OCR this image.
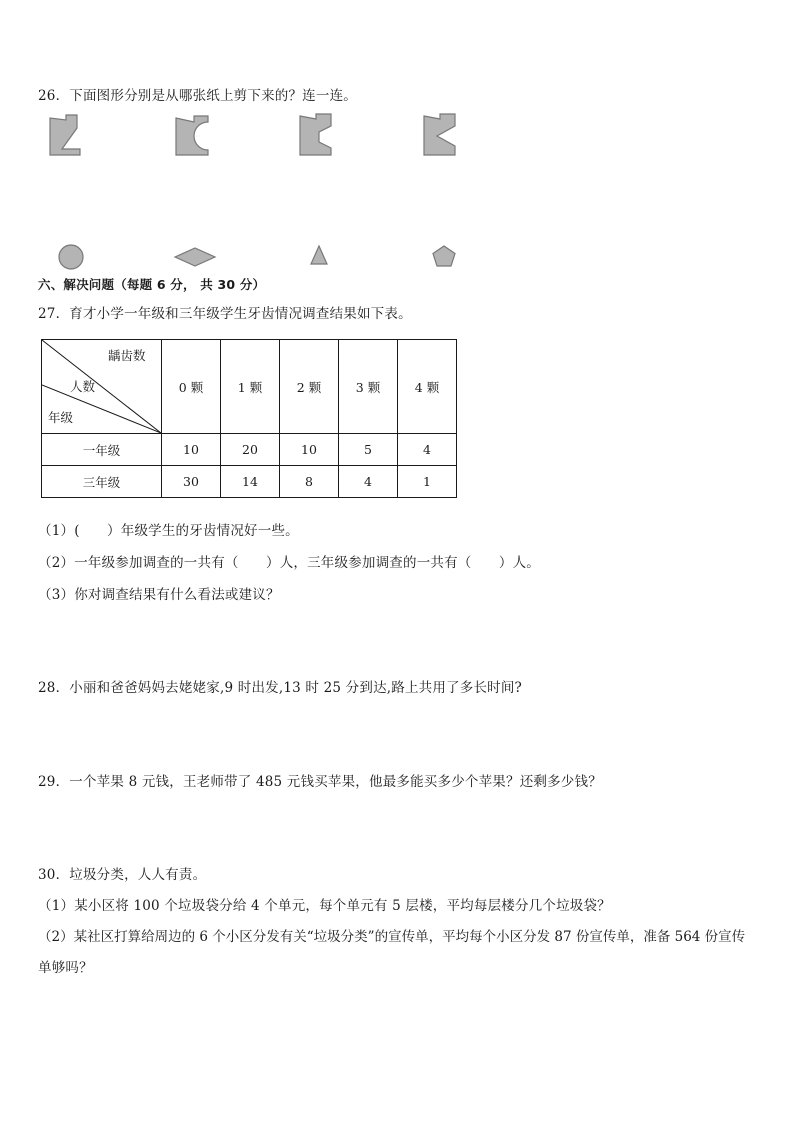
26．下面图形分别是从哪张纸上剪下来的？连一连。
六、解决问题（每题 6 分， 共 30 分）
27．育才小学一年级和三年级学生牙齿情况调查结果如下表。
龋齿数
人数
年级	0 颗	1 颗	2 颗	3 颗	4 颗
一年级	10	20	10	5	4
三年级	30	14	8	4	1
（1）(　　）年级学生的牙齿情况好一些。
（2）一年级参加调查的一共有（　　）人，三年级参加调查的一共有（　　）人。
（3）你对调查结果有什么看法或建议？
28．小丽和爸爸妈妈去姥姥家,9 时出发,13 时 25 分到达,路上共用了多长时间?
29．一个苹果 8 元钱，王老师带了 485 元钱买苹果，他最多能买多少个苹果？还剩多少钱？
30．垃圾分类，人人有责。
（1）某小区将 100 个垃圾袋分给 4 个单元，每个单元有 5 层楼，平均每层楼分几个垃圾袋？
（2）某社区打算给周边的 6 个小区分发有关“垃圾分类”的宣传单，平均每个小区分发 87 份宣传单，准备 564 份宣传
单够吗？
